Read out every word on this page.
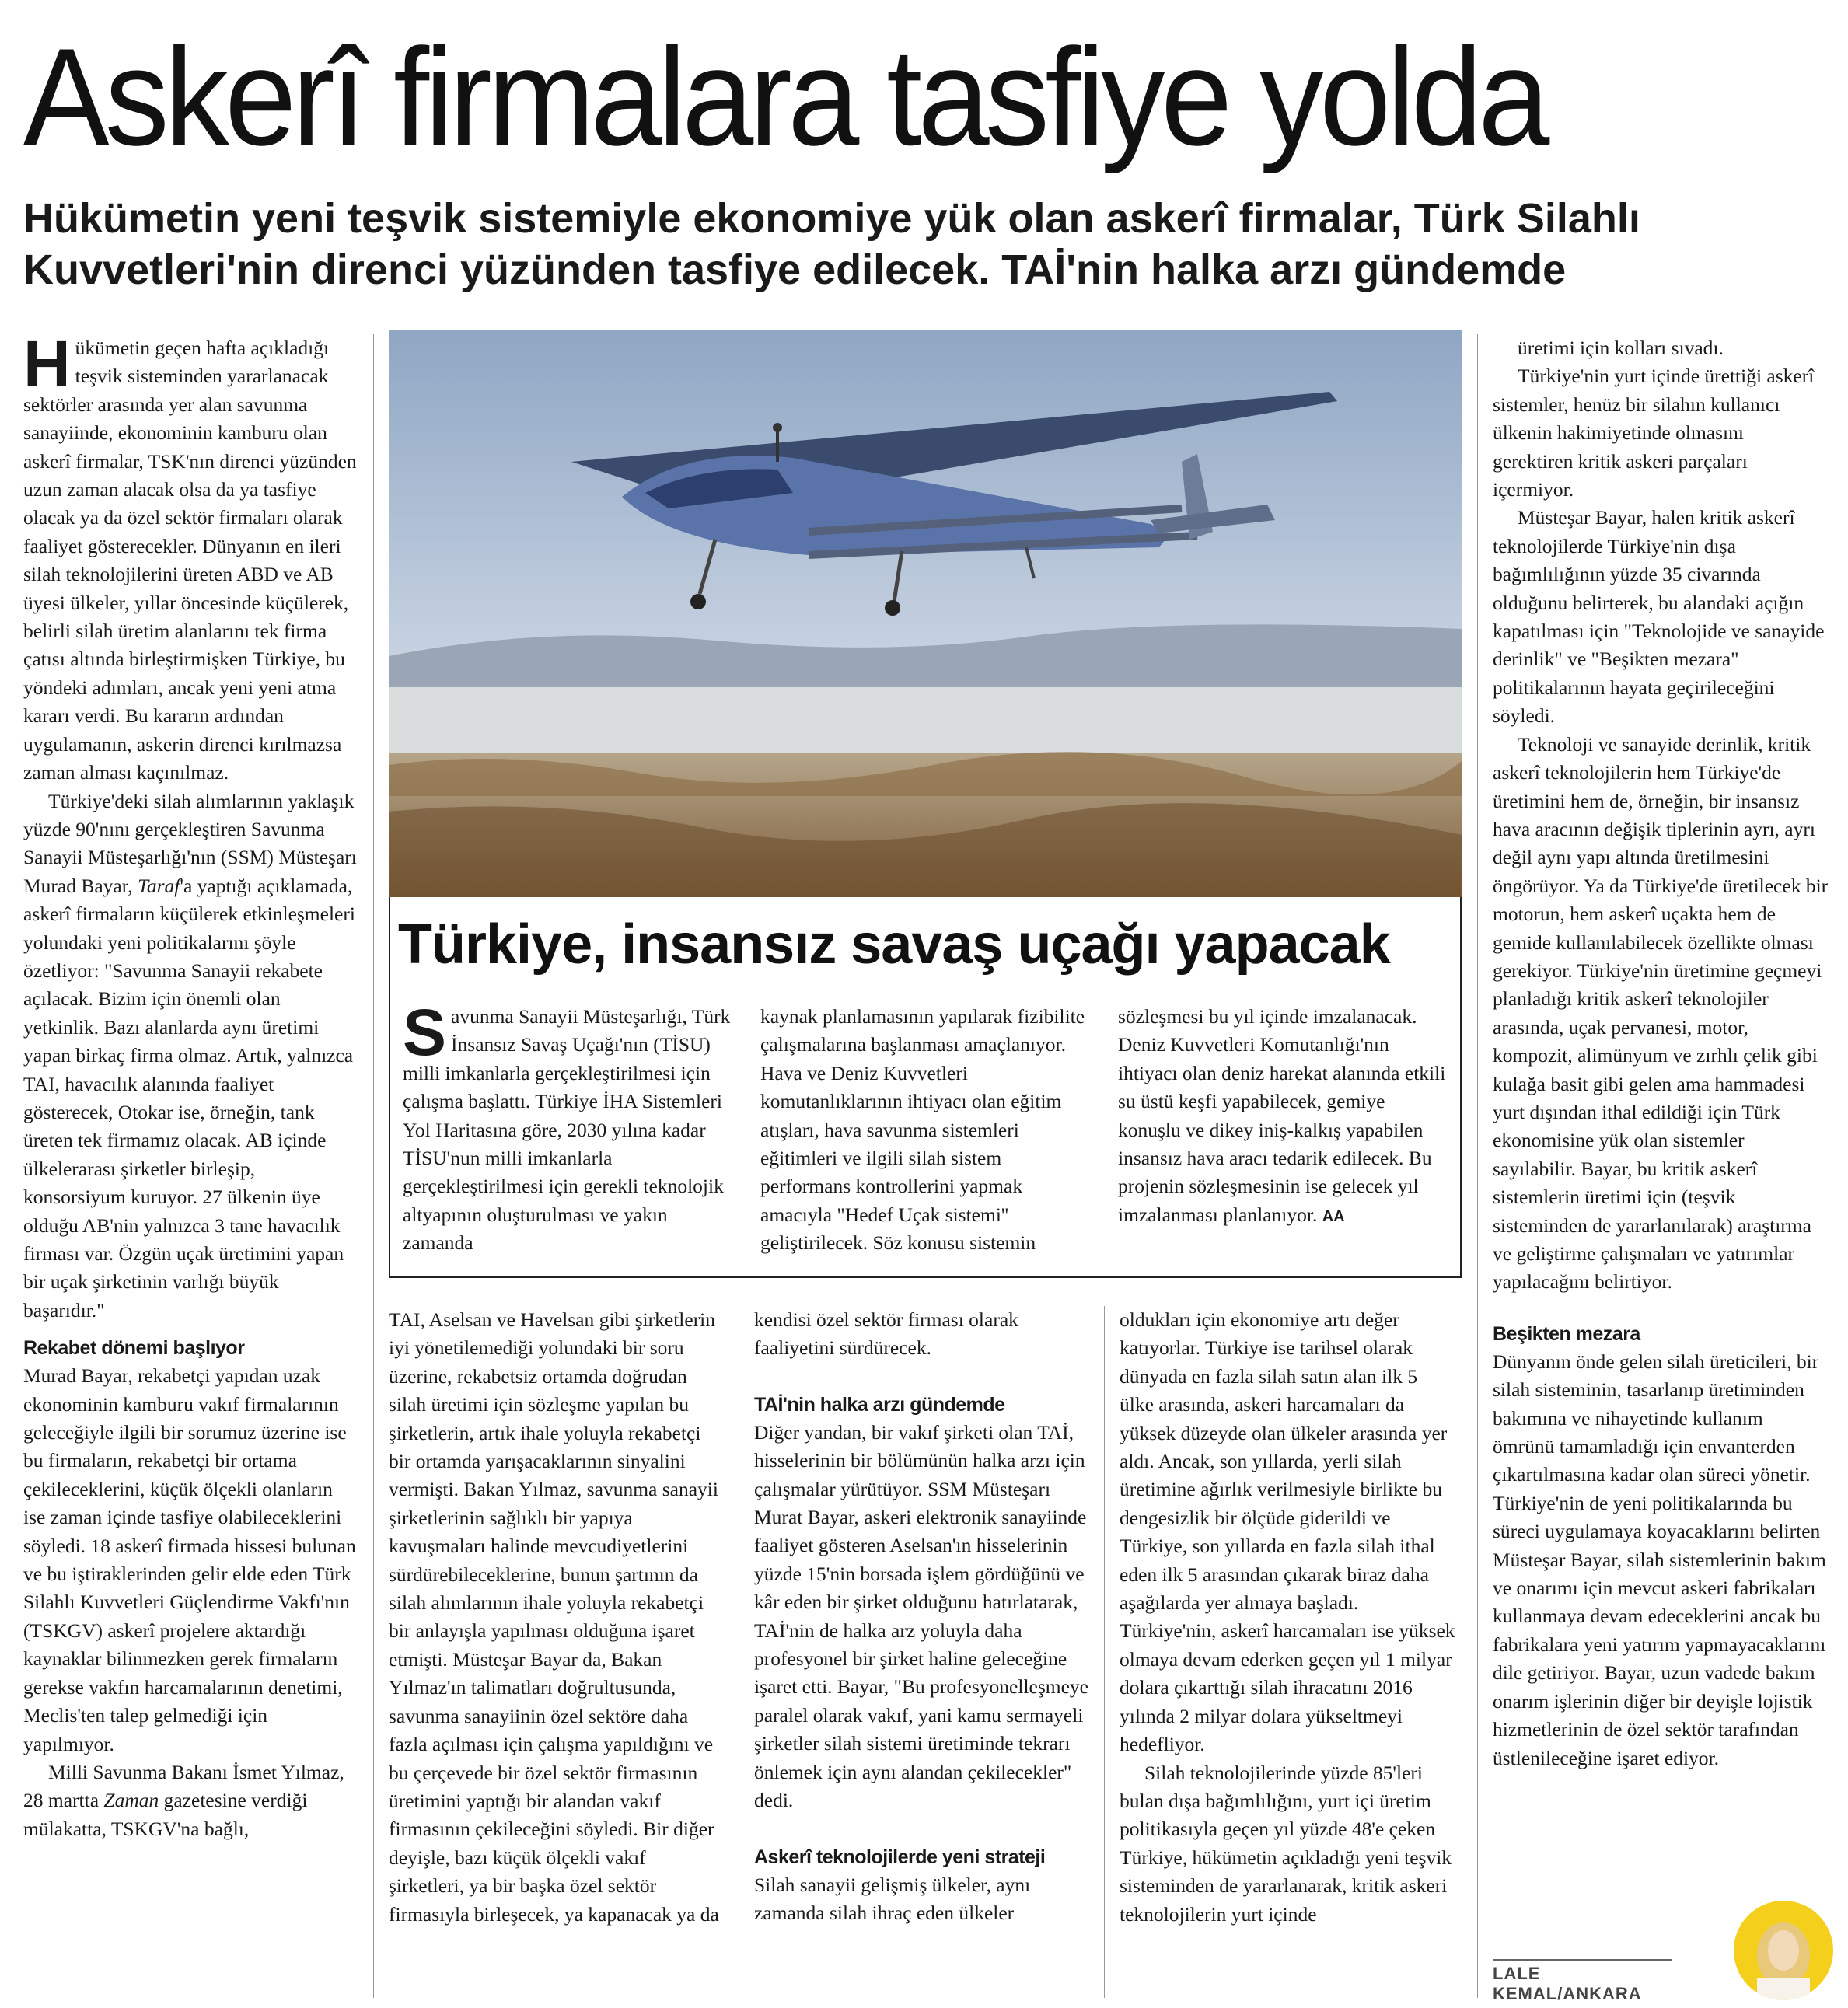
Askerî firmalara tasfiye yolda
Hükümetin yeni teşvik sistemiyle ekonomiye yük olan askerî firmalar, Türk Silahlı
Kuvvetleri'nin direnci yüzünden tasfiye edilecek. TAİ'nin halka arzı gündemde

Hükümetin geçen hafta açıkladığı teşvik sisteminden yararlanacak sektörler arasında yer alan savunma sanayiinde, ekonominin kamburu olan askerî firmalar, TSK'nın direnci yüzünden uzun zaman alacak olsa da ya tasfiye olacak ya da özel sektör firmaları olarak faaliyet gösterecekler. Dünyanın en ileri silah teknolojilerini üreten ABD ve AB üyesi ülkeler, yıllar öncesinde küçülerek, belirli silah üretim alanlarını tek firma çatısı altında birleştirmişken Türkiye, bu yöndeki adımları, ancak yeni yeni atma kararı verdi. Bu kararın ardından uygulamanın, askerin direnci kırılmazsa zaman alması kaçınılmaz.

Türkiye'deki silah alımlarının yaklaşık yüzde 90'nını gerçekleştiren Savunma Sanayii Müsteşarlığı'nın (SSM) Müsteşarı Murad Bayar, Taraf'a yaptığı açıklamada, askerî firmaların küçülerek etkinleşmeleri yolundaki yeni politikalarını şöyle özetliyor: "Savunma Sanayii rekabete açılacak. Bizim için önemli olan yetkinlik. Bazı alanlarda aynı üretimi yapan birkaç firma olmaz. Artık, yalnızca TAI, havacılık alanında faaliyet gösterecek, Otokar ise, örneğin, tank üreten tek firmamız olacak. AB içinde ülkelerarası şirketler birleşip, konsorsiyum kuruyor. 27 ülkenin üye olduğu AB'nin yalnızca 3 tane havacılık firması var. Özgün uçak üretimini yapan bir uçak şirketinin varlığı büyük başarıdır."

Rekabet dönemi başlıyor

Murad Bayar, rekabetçi yapıdan uzak ekonominin kamburu vakıf firmalarının geleceğiyle ilgili bir sorumuz üzerine ise bu firmaların, rekabetçi bir ortama çekileceklerini, küçük ölçekli olanların ise zaman içinde tasfiye olabileceklerini söyledi. 18 askerî firmada hissesi bulunan ve bu iştiraklerinden gelir elde eden Türk Silahlı Kuvvetleri Güçlendirme Vakfı'nın (TSKGV) askerî projelere aktardığı kaynaklar bilinmezken gerek firmaların gerekse vakfın harcamalarının denetimi, Meclis'ten talep gelmediği için yapılmıyor.

Milli Savunma Bakanı İsmet Yılmaz, 28 martta Zaman gazetesine verdiği mülakatta, TSKGV'na bağlı,

Türkiye, insansız savaş uçağı yapacak

Savunma Sanayii Müsteşarlığı, Türk İnsansız Savaş Uçağı'nın (TİSU) milli imkanlarla gerçekleştirilmesi için çalışma başlattı. Türkiye İHA Sistemleri Yol Haritasına göre, 2030 yılına kadar TİSU'nun milli imkanlarla gerçekleştirilmesi için gerekli teknolojik altyapının oluşturulması ve yakın zamanda

kaynak planlamasının yapılarak fizibilite çalışmalarına başlanması amaçlanıyor. Hava ve Deniz Kuvvetleri komutanlıklarının ihtiyacı olan eğitim atışları, hava savunma sistemleri eğitimleri ve ilgili silah sistem performans kontrollerini yapmak amacıyla "Hedef Uçak sistemi'' geliştirilecek. Söz konusu sistemin

sözleşmesi bu yıl içinde imzalanacak. Deniz Kuvvetleri Komutanlığı'nın ihtiyacı olan deniz harekat alanında etkili su üstü keşfi yapabilecek, gemiye konuşlu ve dikey iniş-kalkış yapabilen insansız hava aracı tedarik edilecek. Bu projenin sözleşmesinin ise gelecek yıl imzalanması planlanıyor. AA

TAI, Aselsan ve Havelsan gibi şirketlerin iyi yönetilemediği yolundaki bir soru üzerine, rekabetsiz ortamda doğrudan silah üretimi için sözleşme yapılan bu şirketlerin, artık ihale yoluyla rekabetçi bir ortamda yarışacaklarının sinyalini vermişti. Bakan Yılmaz, savunma sanayii şirketlerinin sağlıklı bir yapıya kavuşmaları halinde mevcudiyetlerini sürdürebileceklerine, bunun şartının da silah alımlarının ihale yoluyla rekabetçi bir anlayışla yapılması olduğuna işaret etmişti. Müsteşar Bayar da, Bakan Yılmaz'ın talimatları doğrultusunda, savunma sanayiinin özel sektöre daha fazla açılması için çalışma yapıldığını ve bu çerçevede bir özel sektör firmasının üretimini yaptığı bir alandan vakıf firmasının çekileceğini söyledi. Bir diğer deyişle, bazı küçük ölçekli vakıf şirketleri, ya bir başka özel sektör firmasıyla birleşecek, ya kapanacak ya da

kendisi özel sektör firması olarak faaliyetini sürdürecek.

TAİ'nin halka arzı gündemde

Diğer yandan, bir vakıf şirketi olan TAİ, hisselerinin bir bölümünün halka arzı için çalışmalar yürütüyor. SSM Müsteşarı Murat Bayar, askeri elektronik sanayiinde faaliyet gösteren Aselsan'ın hisselerinin yüzde 15'nin borsada işlem gördüğünü ve kâr eden bir şirket olduğunu hatırlatarak, TAİ'nin de halka arz yoluyla daha profesyonel bir şirket haline geleceğine işaret etti. Bayar, "Bu profesyonelleşmeye paralel olarak vakıf, yani kamu sermayeli şirketler silah sistemi üretiminde tekrarı önlemek için aynı alandan çekilecekler" dedi.

Askerî teknolojilerde yeni strateji

Silah sanayii gelişmiş ülkeler, aynı zamanda silah ihraç eden ülkeler

oldukları için ekonomiye artı değer katıyorlar. Türkiye ise tarihsel olarak dünyada en fazla silah satın alan ilk 5 ülke arasında, askeri harcamaları da yüksek düzeyde olan ülkeler arasında yer aldı. Ancak, son yıllarda, yerli silah üretimine ağırlık verilmesiyle birlikte bu dengesizlik bir ölçüde giderildi ve Türkiye, son yıllarda en fazla silah ithal eden ilk 5 arasından çıkarak biraz daha aşağılarda yer almaya başladı. Türkiye'nin, askerî harcamaları ise yüksek olmaya devam ederken geçen yıl 1 milyar dolara çıkarttığı silah ihracatını 2016 yılında 2 milyar dolara yükseltmeyi hedefliyor.

Silah teknolojilerinde yüzde 85'leri bulan dışa bağımlılığını, yurt içi üretim politikasıyla geçen yıl yüzde 48'e çeken Türkiye, hükümetin açıkladığı yeni teşvik sisteminden de yararlanarak, kritik askeri teknolojilerin yurt içinde

üretimi için kolları sıvadı.

Türkiye'nin yurt içinde ürettiği askerî sistemler, henüz bir silahın kullanıcı ülkenin hakimiyetinde olmasını gerektiren kritik askeri parçaları içermiyor.

Müsteşar Bayar, halen kritik askerî teknolojilerde Türkiye'nin dışa bağımlılığının yüzde 35 civarında olduğunu belirterek, bu alandaki açığın kapatılması için "Teknolojide ve sanayide derinlik" ve "Beşikten mezara" politikalarının hayata geçirileceğini söyledi.

Teknoloji ve sanayide derinlik, kritik askerî teknolojilerin hem Türkiye'de üretimini hem de, örneğin, bir insansız hava aracının değişik tiplerinin ayrı, ayrı değil aynı yapı altında üretilmesini öngörüyor. Ya da Türkiye'de üretilecek bir motorun, hem askerî uçakta hem de gemide kullanılabilecek özellikte olması gerekiyor. Türkiye'nin üretimine geçmeyi planladığı kritik askerî teknolojiler arasında, uçak pervanesi, motor, kompozit, alimünyum ve zırhlı çelik gibi kulağa basit gibi gelen ama hammadesi yurt dışından ithal edildiği için Türk ekonomisine yük olan sistemler sayılabilir. Bayar, bu kritik askerî sistemlerin üretimi için (teşvik sisteminden de yararlanılarak) araştırma ve geliştirme çalışmaları ve yatırımlar yapılacağını belirtiyor.

Beşikten mezara

Dünyanın önde gelen silah üreticileri, bir silah sisteminin, tasarlanıp üretiminden bakımına ve nihayetinde kullanım ömrünü tamamladığı için envanterden çıkartılmasına kadar olan süreci yönetir. Türkiye'nin de yeni politikalarında bu süreci uygulamaya koyacaklarını belirten Müsteşar Bayar, silah sistemlerinin bakım ve onarımı için mevcut askeri fabrikaları kullanmaya devam edeceklerini ancak bu fabrikalara yeni yatırım yapmayacaklarını dile getiriyor. Bayar, uzun vadede bakım onarım işlerinin diğer bir deyişle lojistik hizmetlerinin de özel sektör tarafından üstlenileceğine işaret ediyor.

LALE KEMAL/ANKARA
